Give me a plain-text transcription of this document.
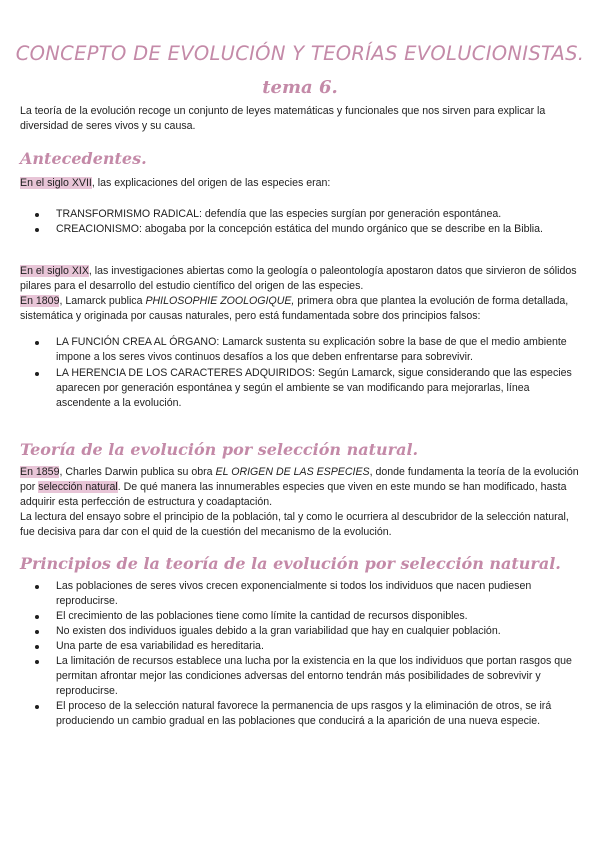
CONCEPTO DE EVOLUCIÓN Y TEORÍAS EVOLUCIONISTAS.
tema 6.
La teoría de la evolución recoge un conjunto de leyes matemáticas y funcionales que nos sirven para explicar la diversidad de seres vivos y su causa.
Antecedentes.
En el siglo XVII, las explicaciones del origen de las especies eran:
TRANSFORMISMO RADICAL: defendía que las especies surgían por generación espontánea.
CREACIONISMO: abogaba por la concepción estática del mundo orgánico que se describe en la Biblia.
En el siglo XIX, las investigaciones abiertas como la geología o paleontología apostaron datos que sirvieron de sólidos pilares para el desarrollo del estudio científico del origen de las especies.
En 1809, Lamarck publica PHILOSOPHIE ZOOLOGIQUE, primera obra que plantea la evolución de forma detallada, sistemática y originada por causas naturales, pero está fundamentada sobre dos principios falsos:
LA FUNCIÓN CREA AL ÓRGANO: Lamarck sustenta su explicación sobre la base de que el medio ambiente impone a los seres vivos continuos desafíos a los que deben enfrentarse para sobrevivir.
LA HERENCIA DE LOS CARACTERES ADQUIRIDOS: Según Lamarck, sigue considerando que las especies aparecen por generación espontánea y según el ambiente se van modificando para mejorarlas, línea ascendente a la evolución.
Teoría de la evolución por selección natural.
En 1859, Charles Darwin publica su obra EL ORIGEN DE LAS ESPECIES, donde fundamenta la teoría de la evolución por selección natural. De qué manera las innumerables especies que viven en este mundo se han modificado, hasta adquirir esta perfección de estructura y coadaptación.
La lectura del ensayo sobre el principio de la población, tal y como le ocurriera al descubridor de la selección natural, fue decisiva para dar con el quid de la cuestión del mecanismo de la evolución.
Principios de la teoría de la evolución por selección natural.
Las poblaciones de seres vivos crecen exponencialmente si todos los individuos que nacen pudiesen reproducirse.
El crecimiento de las poblaciones tiene como límite la cantidad de recursos disponibles.
No existen dos individuos iguales debido a la gran variabilidad que hay en cualquier población.
Una parte de esa variabilidad es hereditaria.
La limitación de recursos establece una lucha por la existencia en la que los individuos que portan rasgos que permitan afrontar mejor las condiciones adversas del entorno tendrán más posibilidades de sobrevivir y reproducirse.
El proceso de la selección natural favorece la permanencia de ups rasgos y la eliminación de otros, se irá produciendo un cambio gradual en las poblaciones que conducirá a la aparición de una nueva especie.
